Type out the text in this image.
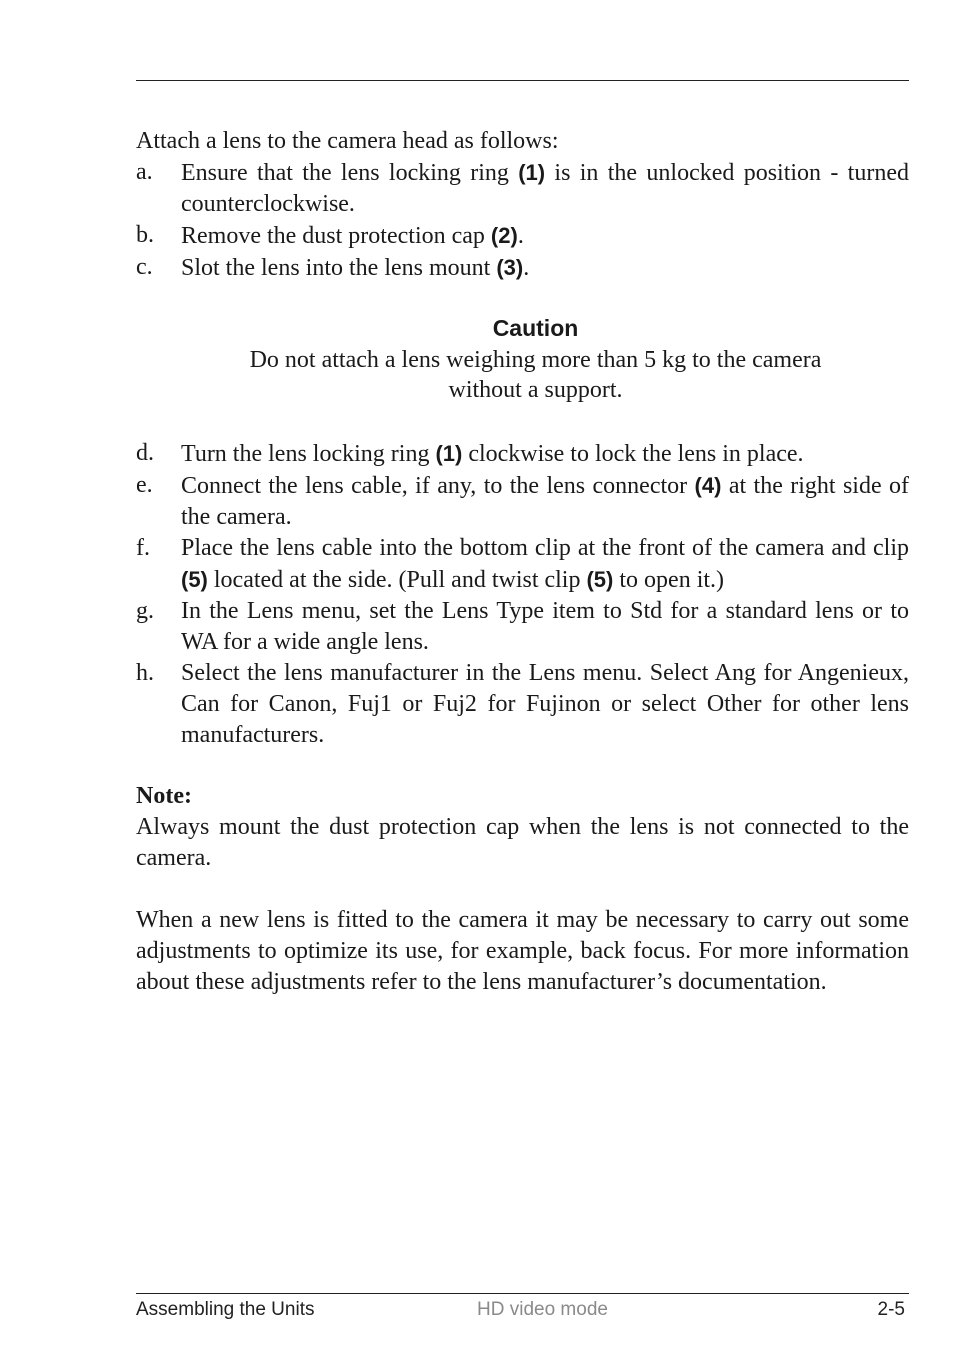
Attach a lens to the camera head as follows:

a. Ensure that the lens locking ring (1) is in the unlocked position - turned counterclockwise.
b. Remove the dust protection cap (2).
c. Slot the lens into the lens mount (3).
Caution
Do not attach a lens weighing more than 5 kg to the camera without a support.
d. Turn the lens locking ring (1) clockwise to lock the lens in place.
e. Connect the lens cable, if any, to the lens connector (4) at the right side of the camera.
f. Place the lens cable into the bottom clip at the front of the camera and clip (5) located at the side. (Pull and twist clip (5) to open it.)
g. In the Lens menu, set the Lens Type item to Std for a standard lens or to WA for a wide angle lens.
h. Select the lens manufacturer in the Lens menu. Select Ang for Angenieux, Can for Canon, Fuj1 or Fuj2 for Fujinon or select Other for other lens manufacturers.
Note:

Always mount the dust protection cap when the lens is not connected to the camera.

When a new lens is fitted to the camera it may be necessary to carry out some adjustments to optimize its use, for example, back focus. For more information about these adjustments refer to the lens manufacturer’s documentation.

Assembling the Units	HD video mode	2-5
